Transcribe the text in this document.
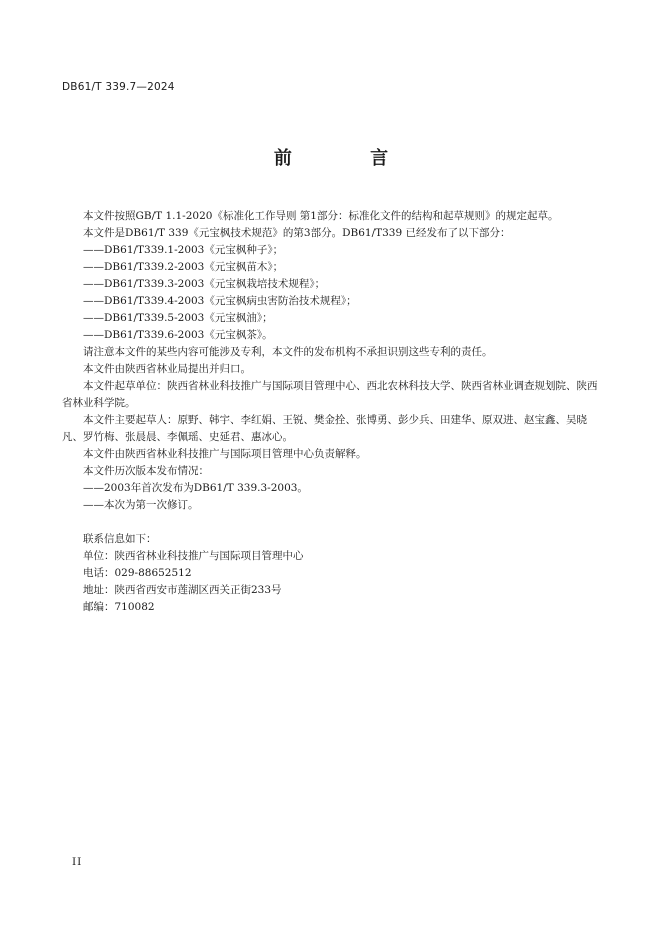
DB61/T 339.7—2024
前 言

本文件按照GB/T 1.1-2020《标准化工作导则 第1部分：标准化文件的结构和起草规则》的规定起草。

本文件是DB61/T 339《元宝枫技术规范》的第3部分。DB61/T339 已经发布了以下部分：

——DB61/T339.1-2003《元宝枫种子》；

——DB61/T339.2-2003《元宝枫苗木》；

——DB61/T339.3-2003《元宝枫栽培技术规程》；

——DB61/T339.4-2003《元宝枫病虫害防治技术规程》；

——DB61/T339.5-2003《元宝枫油》；

——DB61/T339.6-2003《元宝枫茶》。

请注意本文件的某些内容可能涉及专利，本文件的发布机构不承担识别这些专利的责任。

本文件由陕西省林业局提出并归口。

本文件起草单位：陕西省林业科技推广与国际项目管理中心、西北农林科技大学、陕西省林业调查规划院、陕西省林业科学院。

本文件主要起草人：原野、韩宇、李红娟、王锐、樊金拴、张博勇、彭少兵、田建华、原双进、赵宝鑫、吴晓凡、罗竹梅、张晨晨、李佩瑶、史延君、惠冰心。

本文件由陕西省林业科技推广与国际项目管理中心负责解释。

本文件历次版本发布情况：

——2003年首次发布为DB61/T 339.3-2003。

——本次为第一次修订。

联系信息如下：

单位：陕西省林业科技推广与国际项目管理中心

电话：029-88652512

地址：陕西省西安市莲湖区西关正街233号

邮编：710082

II
